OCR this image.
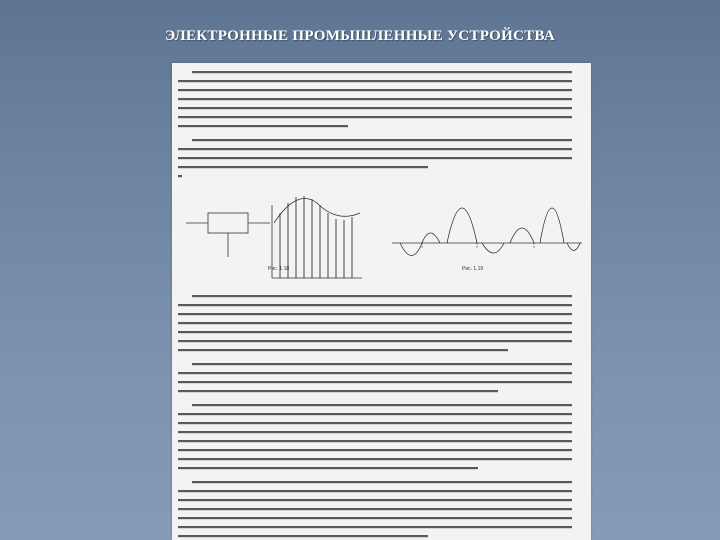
ЭЛЕКТРОННЫЕ ПРОМЫШЛЕННЫЕ УСТРОЙСТВА
Рис. 1.18	Рис. 1.19
